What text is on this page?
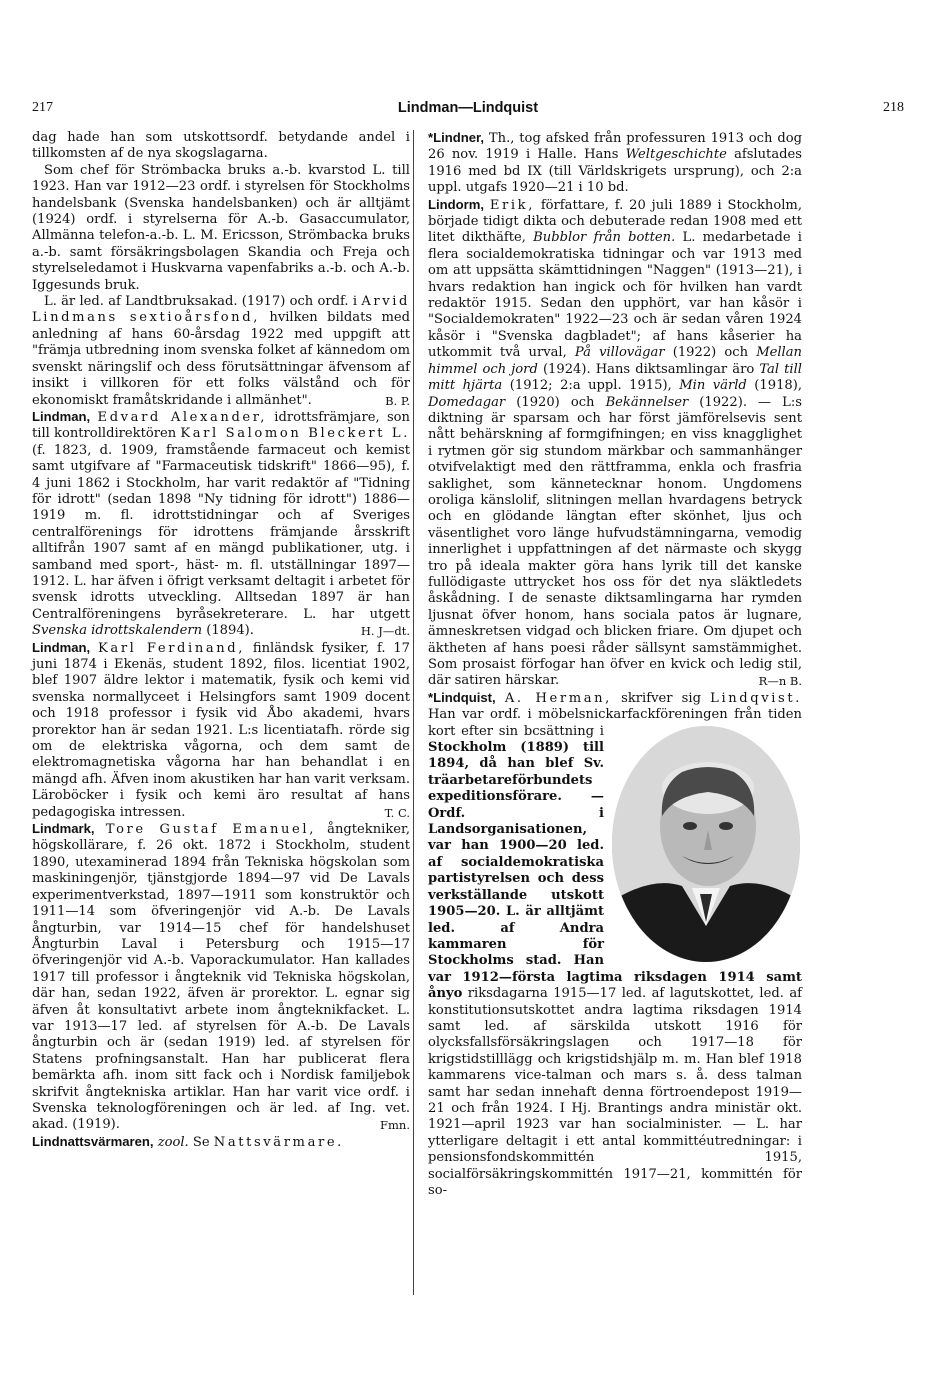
217	Lindman—Lindquist	218

dag hade han som utskottsordf. betydande andel i tillkomsten af de nya skogslagarna.

Som chef för Strömbacka bruks a.-b. kvarstod L. till 1923. Han var 1912—23 ordf. i styrelsen för Stockholms handelsbank (Svenska handelsbanken) och är alltjämt (1924) ordf. i styrelserna för A.-b. Gasaccumulator, Allmänna telefon-a.-b. L. M. Ericsson, Strömbacka bruks a.-b. samt försäkringsbolagen Skandia och Freja och styrelseledamot i Huskvarna vapenfabriks a.-b. och A.-b. Iggesunds bruk.

L. är led. af Landtbruksakad. (1917) och ordf. i Arvid Lindmans sextioårsfond, hvilken bildats med anledning af hans 60-årsdag 1922 med uppgift att "främja utbredning inom svenska folket af kännedom om svenskt näringslif och dess förutsättningar äfvensom af insikt i villkoren för ett folks välstånd och för ekonomiskt framåtskridande i allmänhet".	B. P.

Lindman, Edvard Alexander, idrottsfrämjare, son till kontrolldirektören Karl Salomon Bleckert L. (f. 1823, d. 1909, framstående farmaceut och kemist samt utgifvare af "Farmaceutisk tidskrift" 1866—95), f. 4 juni 1862 i Stockholm, har varit redaktör af "Tidning för idrott" (sedan 1898 "Ny tidning för idrott") 1886—1919 m. fl. idrottstidningar och af Sveriges centralförenings för idrottens främjande årsskrift alltifrån 1907 samt af en mängd publikationer, utg. i samband med sport-, häst- m. fl. utställningar 1897—1912. L. har äfven i öfrigt verksamt deltagit i arbetet för svensk idrotts utveckling. Alltsedan 1897 är han Centralföreningens byråsekreterare. L. har utgett Svenska idrottskalendern (1894).	H. J—dt.

Lindman, Karl Ferdinand, finländsk fysiker, f. 17 juni 1874 i Ekenäs, student 1892, filos. licentiat 1902, blef 1907 äldre lektor i matematik, fysik och kemi vid svenska normallyceet i Helsingfors samt 1909 docent och 1918 professor i fysik vid Åbo akademi, hvars prorektor han är sedan 1921. L:s licentiatafh. rörde sig om de elektriska vågorna, och dem samt de elektromagnetiska vågorna har han behandlat i en mängd afh. Äfven inom akustiken har han varit verksam. Läroböcker i fysik och kemi äro resultat af hans pedagogiska intressen.	T. C.

Lindmark, Tore Gustaf Emanuel, ångtekniker, högskollärare, f. 26 okt. 1872 i Stockholm, student 1890, utexaminerad 1894 från Tekniska högskolan som maskiningenjör, tjänstgjorde 1894—97 vid De Lavals experimentverkstad, 1897—1911 som konstruktör och 1911—14 som öfveringenjör vid A.-b. De Lavals ångturbin, var 1914—15 chef för handelshuset Ångturbin Laval i Petersburg och 1915—17 öfveringenjör vid A.-b. Vaporackumulator. Han kallades 1917 till professor i ångteknik vid Tekniska högskolan, där han, sedan 1922, äfven är prorektor. L. egnar sig äfven åt konsultativt arbete inom ångteknikfacket. L. var 1913—17 led. af styrelsen för A.-b. De Lavals ångturbin och är (sedan 1919) led. af styrelsen för Statens profningsanstalt. Han har publicerat flera bemärkta afh. inom sitt fack och i Nordisk familjebok skrifvit ångtekniska artiklar. Han har varit vice ordf. i Svenska teknologföreningen och är led. af Ing. vet. akad. (1919).	Fmn.

Lindnattsvärmaren, zool. Se Nattsvärmare.

*Lindner, Th., tog afsked från professuren 1913 och dog 26 nov. 1919 i Halle. Hans Weltgeschichte afslutades 1916 med bd IX (till Världskrigets ursprung), och 2:a uppl. utgafs 1920—21 i 10 bd.

Lindorm, Erik, författare, f. 20 juli 1889 i Stockholm, började tidigt dikta och debuterade redan 1908 med ett litet dikthäfte, Bubblor från botten. L. medarbetade i flera socialdemokratiska tidningar och var 1913 med om att uppsätta skämttidningen "Naggen" (1913—21), i hvars redaktion han ingick och för hvilken han vardt redaktör 1915. Sedan den upphört, var han kåsör i "Socialdemokraten" 1922—23 och är sedan våren 1924 kåsör i "Svenska dagbladet"; af hans kåserier ha utkommit två urval, På villovägar (1922) och Mellan himmel och jord (1924). Hans diktsamlingar äro Tal till mitt hjärta (1912; 2:a uppl. 1915), Min värld (1918), Domedagar (1920) och Bekännelser (1922). — L:s diktning är sparsam och har först jämförelsevis sent nått behärskning af formgifningen; en viss knagglighet i rytmen gör sig stundom märkbar och sammanhänger otvifvelaktigt med den rättframma, enkla och frasfria saklighet, som kännetecknar honom. Ungdomens oroliga känslolif, slitningen mellan hvardagens betryck och en glödande längtan efter skönhet, ljus och väsentlighet voro länge hufvudstämningarna, vemodig innerlighet i uppfattningen af det närmaste och skygg tro på ideala makter göra hans lyrik till det kanske fullödigaste uttrycket hos oss för det nya släktledets åskådning. I de senaste diktsamlingarna har rymden ljusnat öfver honom, hans sociala patos är lugnare, ämneskretsen vidgad och blicken friare. Om djupet och äktheten af hans poesi råder sällsynt samstämmighet. Som prosaist förfogar han öfver en kvick och ledig stil, där satiren härskar.	R—n B.

*Lindquist, A. Herman, skrifver sig Lindqvist. Han var ordf. i möbelsnickarfackföreningen från tiden kort efter sin bcsättning i
Stockholm (1889) till 1894, då han blef Sv. träarbetareförbundets expeditionsförare. — Ordf. i Landsorganisationen, var han 1900—20 led. af socialdemokratiska partistyrelsen och dess verkställande utskott 1905—20. L. är alltjämt led. af Andra kammaren för Stockholms stad. Han var 1912—första lagtima riksdagen 1914 samt ånyo riksdagarna 1915—17 led. af lagutskottet, led. af konstitutionsutskottet andra lagtima riksdagen 1914 samt led. af särskilda utskott 1916 för olycksfallsförsäkringslagen och 1917—18 för krigstidstilllägg och krigstidshjälp m. m. Han blef 1918 kammarens vice-talman och mars s. å. dess talman samt har sedan innehaft denna förtroendepost 1919—21 och från 1924. I Hj. Brantings andra ministär okt. 1921—april 1923 var han socialminister. — L. har ytterligare deltagit i ett antal kommittéutredningar: i pensionsfondskommittén 1915, socialförsäkringskommittén 1917—21, kommittén för so-
